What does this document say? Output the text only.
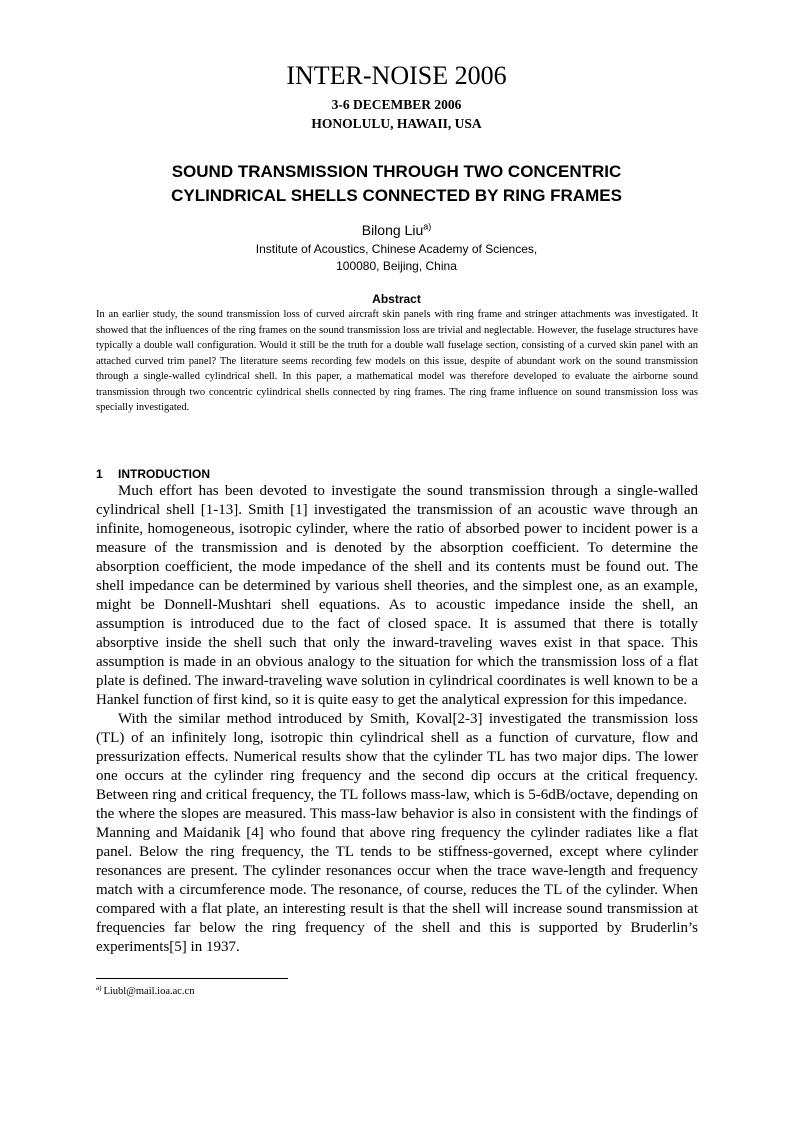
INTER-NOISE 2006
3-6 DECEMBER 2006
HONOLULU, HAWAII, USA
SOUND TRANSMISSION THROUGH TWO CONCENTRIC
CYLINDRICAL SHELLS CONNECTED BY RING FRAMES
Bilong Liu$^{a)}$
Institute of Acoustics, Chinese Academy of Sciences,
100080, Beijing, China
Abstract

In an earlier study, the sound transmission loss of curved aircraft skin panels with ring frame and stringer attachments was investigated. It showed that the influences of the ring frames on the sound transmission loss are trivial and neglectable. However, the fuselage structures have typically a double wall configuration. Would it still be the truth for a double wall fuselage section, consisting of a curved skin panel with an attached curved trim panel? The literature seems recording few models on this issue, despite of abundant work on the sound transmission through a single-walled cylindrical shell. In this paper, a mathematical model was therefore developed to evaluate the airborne sound transmission through two concentric cylindrical shells connected by ring frames. The ring frame influence on sound transmission loss was specially investigated.

1 INTRODUCTION

Much effort has been devoted to investigate the sound transmission through a single-walled cylindrical shell [1-13]. Smith [1] investigated the transmission of an acoustic wave through an infinite, homogeneous, isotropic cylinder, where the ratio of absorbed power to incident power is a measure of the transmission and is denoted by the absorption coefficient. To determine the absorption coefficient, the mode impedance of the shell and its contents must be found out. The shell impedance can be determined by various shell theories, and the simplest one, as an example, might be Donnell-Mushtari shell equations. As to acoustic impedance inside the shell, an assumption is introduced due to the fact of closed space. It is assumed that there is totally absorptive inside the shell such that only the inward-traveling waves exist in that space. This assumption is made in an obvious analogy to the situation for which the transmission loss of a flat plate is defined. The inward-traveling wave solution in cylindrical coordinates is well known to be a Hankel function of first kind, so it is quite easy to get the analytical expression for this impedance.

With the similar method introduced by Smith, Koval[2-3] investigated the transmission loss (TL) of an infinitely long, isotropic thin cylindrical shell as a function of curvature, flow and pressurization effects. Numerical results show that the cylinder TL has two major dips. The lower one occurs at the cylinder ring frequency and the second dip occurs at the critical frequency. Between ring and critical frequency, the TL follows mass-law, which is 5-6dB/octave, depending on the where the slopes are measured. This mass-law behavior is also in consistent with the findings of Manning and Maidanik [4] who found that above ring frequency the cylinder radiates like a flat panel. Below the ring frequency, the TL tends to be stiffness-governed, except where cylinder resonances are present. The cylinder resonances occur when the trace wave-length and frequency match with a circumference mode. The resonance, of course, reduces the TL of the cylinder. When compared with a flat plate, an interesting result is that the shell will increase sound transmission at frequencies far below the ring frequency of the shell and this is supported by Bruderlin’s experiments[5] in 1937.

$^{a)}$ Liubl@mail.ioa.ac.cn
